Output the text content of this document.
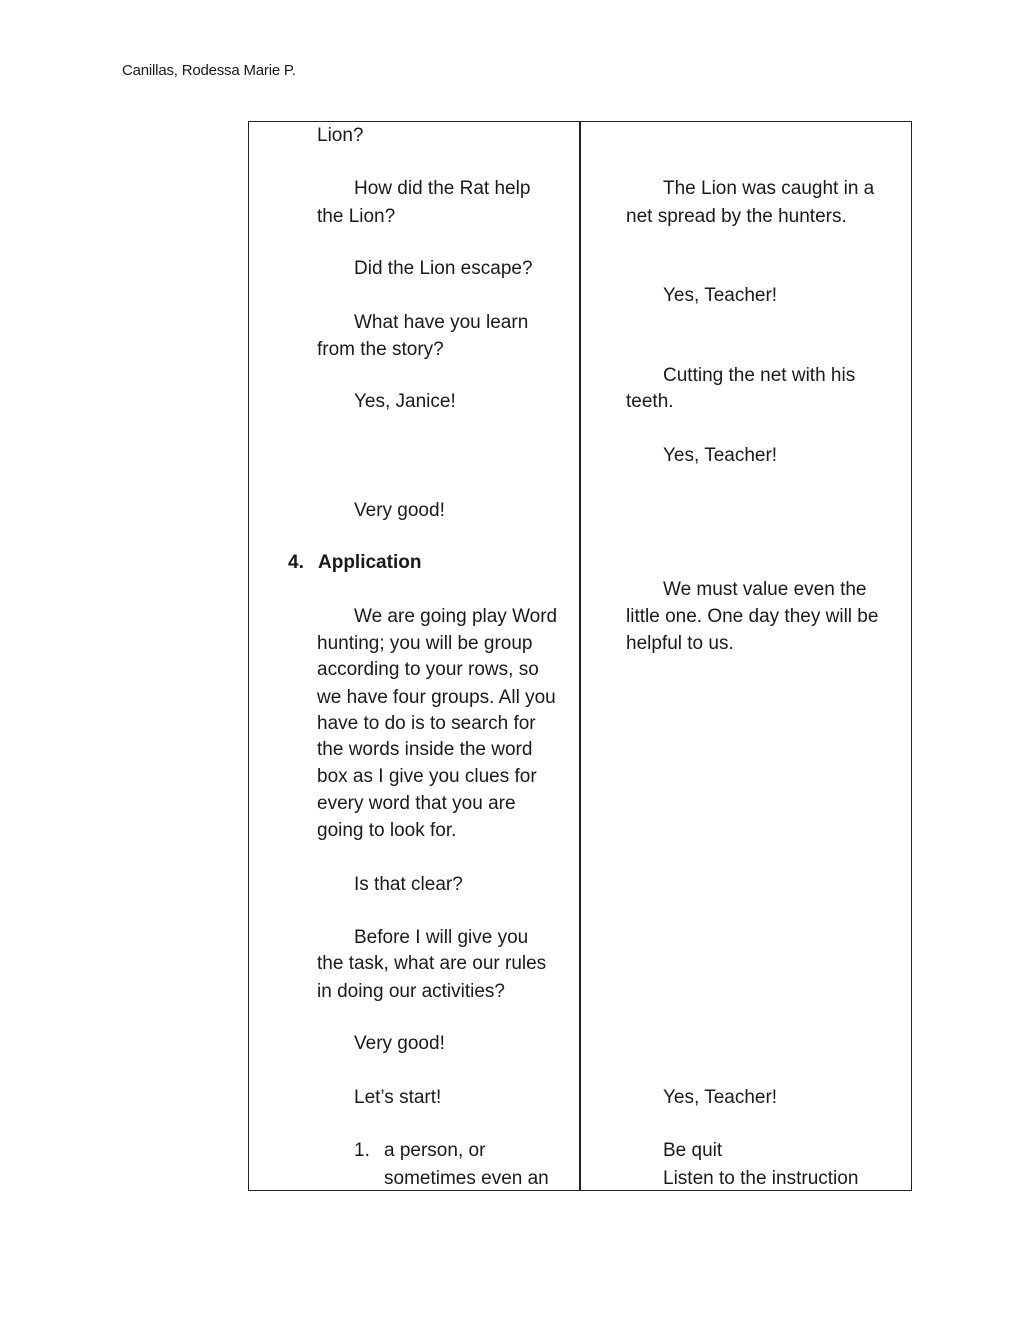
Canillas, Rodessa Marie P.

Lion?

How did the Rat help

the Lion?

Did the Lion escape?

What have you learn

from the story?

Yes, Janice!

Very good!

4. Application

We are going play Word

hunting; you will be group

according to your rows, so

we have four groups. All you

have to do is to search for

the words inside the word

box as I give you clues for

every word that you are

going to look for.

Is that clear?

Before I will give you

the task, what are our rules

in doing our activities?

Very good!

Let’s start!

1. a person, or

sometimes even an

The Lion was caught in a

net spread by the hunters.

Yes, Teacher!

Cutting the net with his

teeth.

Yes, Teacher!

We must value even the

little one. One day they will be

helpful to us.

Yes, Teacher!

Be quit

Listen to the instruction
